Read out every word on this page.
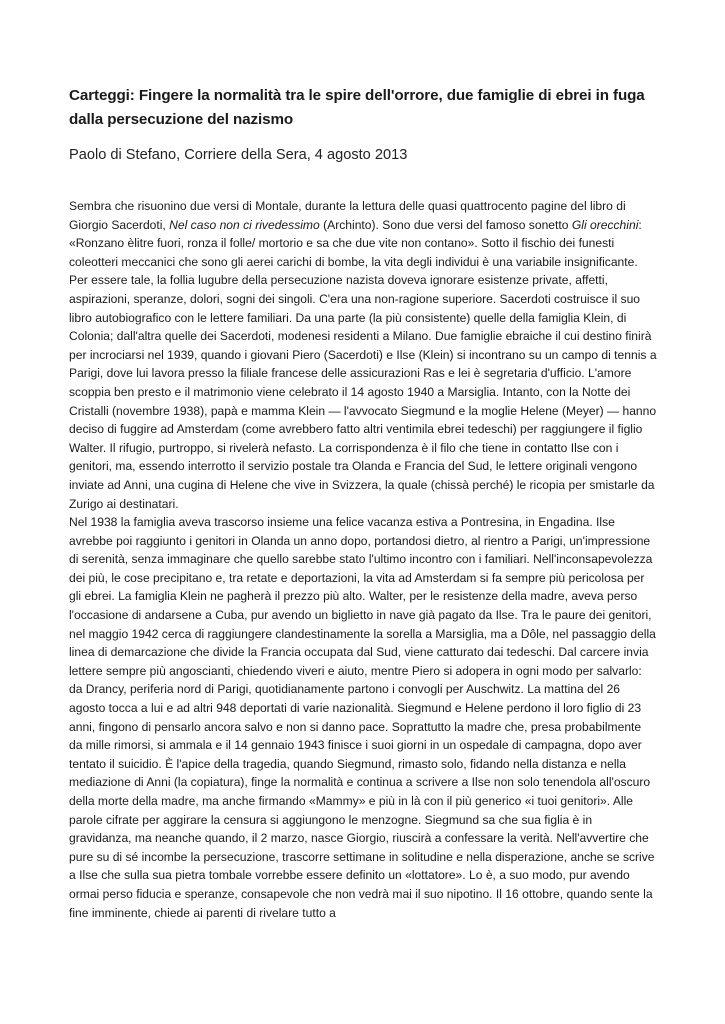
Carteggi: Fingere la normalità tra le spire dell'orrore, due famiglie di ebrei in fuga dalla persecuzione del nazismo
Paolo di Stefano, Corriere della Sera, 4 agosto 2013

Sembra che risuonino due versi di Montale, durante la lettura delle quasi quattrocento pagine del libro di Giorgio Sacerdoti, Nel caso non ci rivedessimo (Archinto). Sono due versi del famoso sonetto Gli orecchini: «Ronzano èlitre fuori, ronza il folle/ mortorio e sa che due vite non contano». Sotto il fischio dei funesti coleotteri meccanici che sono gli aerei carichi di bombe, la vita degli individui è una variabile insignificante. Per essere tale, la follia lugubre della persecuzione nazista doveva ignorare esistenze private, affetti, aspirazioni, speranze, dolori, sogni dei singoli. C'era una non-ragione superiore. Sacerdoti costruisce il suo libro autobiografico con le lettere familiari. Da una parte (la più consistente) quelle della famiglia Klein, di Colonia; dall'altra quelle dei Sacerdoti, modenesi residenti a Milano. Due famiglie ebraiche il cui destino finirà per incrociarsi nel 1939, quando i giovani Piero (Sacerdoti) e Ilse (Klein) si incontrano su un campo di tennis a Parigi, dove lui lavora presso la filiale francese delle assicurazioni Ras e lei è segretaria d'ufficio. L'amore scoppia ben presto e il matrimonio viene celebrato il 14 agosto 1940 a Marsiglia. Intanto, con la Notte dei Cristalli (novembre 1938), papà e mamma Klein — l'avvocato Siegmund e la moglie Helene (Meyer) — hanno deciso di fuggire ad Amsterdam (come avrebbero fatto altri ventimila ebrei tedeschi) per raggiungere il figlio Walter. Il rifugio, purtroppo, si rivelerà nefasto. La corrispondenza è il filo che tiene in contatto Ilse con i genitori, ma, essendo interrotto il servizio postale tra Olanda e Francia del Sud, le lettere originali vengono inviate ad Anni, una cugina di Helene che vive in Svizzera, la quale (chissà perché) le ricopia per smistarle da Zurigo ai destinatari.

Nel 1938 la famiglia aveva trascorso insieme una felice vacanza estiva a Pontresina, in Engadina. Ilse avrebbe poi raggiunto i genitori in Olanda un anno dopo, portandosi dietro, al rientro a Parigi, un'impressione di serenità, senza immaginare che quello sarebbe stato l'ultimo incontro con i familiari. Nell'inconsapevolezza dei più, le cose precipitano e, tra retate e deportazioni, la vita ad Amsterdam si fa sempre più pericolosa per gli ebrei. La famiglia Klein ne pagherà il prezzo più alto. Walter, per le resistenze della madre, aveva perso l'occasione di andarsene a Cuba, pur avendo un biglietto in nave già pagato da Ilse. Tra le paure dei genitori, nel maggio 1942 cerca di raggiungere clandestinamente la sorella a Marsiglia, ma a Dôle, nel passaggio della linea di demarcazione che divide la Francia occupata dal Sud, viene catturato dai tedeschi. Dal carcere invia lettere sempre più angoscianti, chiedendo viveri e aiuto, mentre Piero si adopera in ogni modo per salvarlo: da Drancy, periferia nord di Parigi, quotidianamente partono i convogli per Auschwitz. La mattina del 26 agosto tocca a lui e ad altri 948 deportati di varie nazionalità. Siegmund e Helene perdono il loro figlio di 23 anni, fingono di pensarlo ancora salvo e non si danno pace. Soprattutto la madre che, presa probabilmente da mille rimorsi, si ammala e il 14 gennaio 1943 finisce i suoi giorni in un ospedale di campagna, dopo aver tentato il suicidio. È l'apice della tragedia, quando Siegmund, rimasto solo, fidando nella distanza e nella mediazione di Anni (la copiatura), finge la normalità e continua a scrivere a Ilse non solo tenendola all'oscuro della morte della madre, ma anche firmando «Mammy» e più in là con il più generico «i tuoi genitori». Alle parole cifrate per aggirare la censura si aggiungono le menzogne. Siegmund sa che sua figlia è in gravidanza, ma neanche quando, il 2 marzo, nasce Giorgio, riuscirà a confessare la verità. Nell'avvertire che pure su di sé incombe la persecuzione, trascorre settimane in solitudine e nella disperazione, anche se scrive a Ilse che sulla sua pietra tombale vorrebbe essere definito un «lottatore». Lo è, a suo modo, pur avendo ormai perso fiducia e speranze, consapevole che non vedrà mai il suo nipotino. Il 16 ottobre, quando sente la fine imminente, chiede ai parenti di rivelare tutto a
